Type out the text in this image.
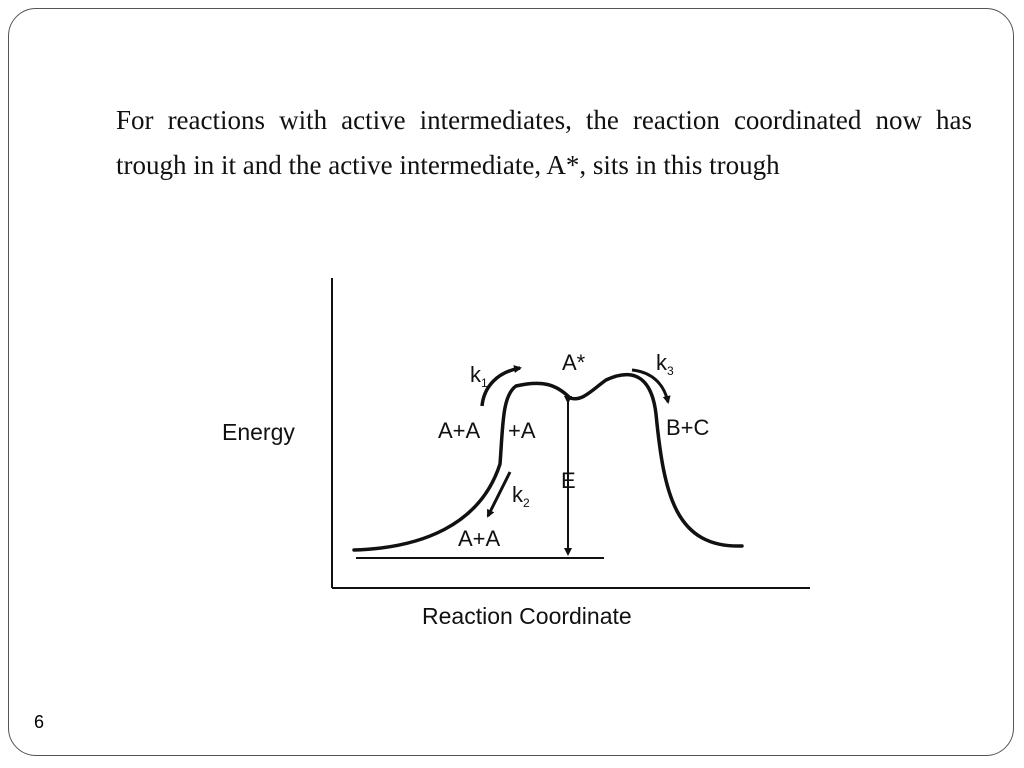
For reactions with active intermediates, the reaction coordinated now has trough in it and the active intermediate, A*, sits in this trough
Energy
Reaction Coordinate
A*
$k_1$
$k_3$
$k_2$
A+A +A	B+C
E
A+A
6
